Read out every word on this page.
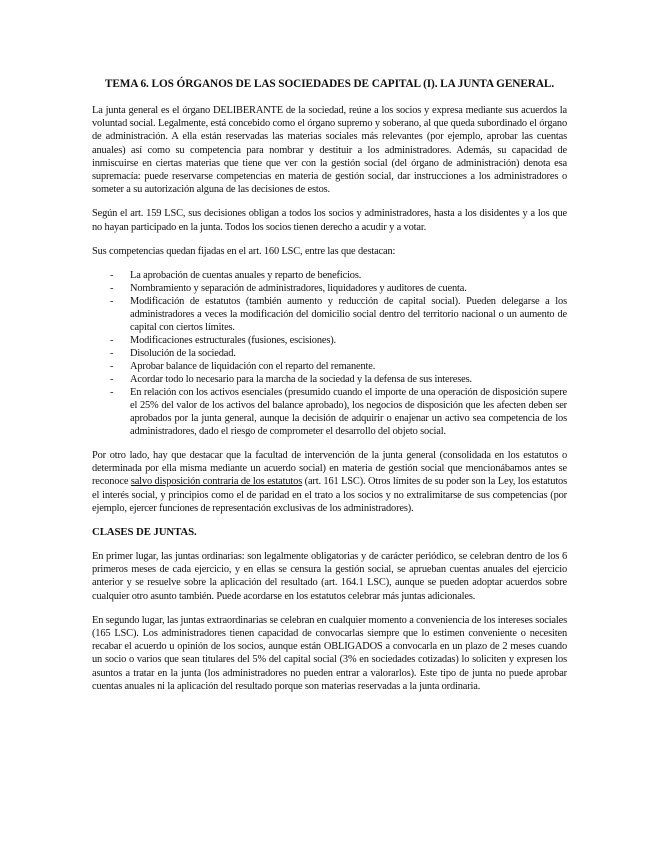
TEMA 6. LOS ÓRGANOS DE LAS SOCIEDADES DE CAPITAL (I). LA JUNTA GENERAL.

La junta general es el órgano DELIBERANTE de la sociedad, reúne a los socios y expresa mediante sus acuerdos la voluntad social. Legalmente, está concebido como el órgano supremo y soberano, al que queda subordinado el órgano de administración. A ella están reservadas las materias sociales más relevantes (por ejemplo, aprobar las cuentas anuales) así como su competencia para nombrar y destituir a los administradores. Además, su capacidad de inmiscuirse en ciertas materias que tiene que ver con la gestión social (del órgano de administración) denota esa supremacía: puede reservarse competencias en materia de gestión social, dar instrucciones a los administradores o someter a su autorización alguna de las decisiones de estos.

Según el art. 159 LSC, sus decisiones obligan a todos los socios y administradores, hasta a los disidentes y a los que no hayan participado en la junta. Todos los socios tienen derecho a acudir y a votar.

Sus competencias quedan fijadas en el art. 160 LSC, entre las que destacan:

- La aprobación de cuentas anuales y reparto de beneficios.
- Nombramiento y separación de administradores, liquidadores y auditores de cuenta.
- Modificación de estatutos (también aumento y reducción de capital social). Pueden delegarse a los administradores a veces la modificación del domicilio social dentro del territorio nacional o un aumento de capital con ciertos límites.
- Modificaciones estructurales (fusiones, escisiones).
- Disolución de la sociedad.
- Aprobar balance de liquidación con el reparto del remanente.
- Acordar todo lo necesario para la marcha de la sociedad y la defensa de sus intereses.
- En relación con los activos esenciales (presumido cuando el importe de una operación de disposición supere el 25% del valor de los activos del balance aprobado), los negocios de disposición que les afecten deben ser aprobados por la junta general, aunque la decisión de adquirir o enajenar un activo sea competencia de los administradores, dado el riesgo de comprometer el desarrollo del objeto social.

Por otro lado, hay que destacar que la facultad de intervención de la junta general (consolidada en los estatutos o determinada por ella misma mediante un acuerdo social) en materia de gestión social que mencionábamos antes se reconoce salvo disposición contraria de los estatutos (art. 161 LSC). Otros límites de su poder son la Ley, los estatutos el interés social, y principios como el de paridad en el trato a los socios y no extralimitarse de sus competencias (por ejemplo, ejercer funciones de representación exclusivas de los administradores).

CLASES DE JUNTAS.

En primer lugar, las juntas ordinarias: son legalmente obligatorias y de carácter periódico, se celebran dentro de los 6 primeros meses de cada ejercicio, y en ellas se censura la gestión social, se aprueban cuentas anuales del ejercicio anterior y se resuelve sobre la aplicación del resultado (art. 164.1 LSC), aunque se pueden adoptar acuerdos sobre cualquier otro asunto también. Puede acordarse en los estatutos celebrar más juntas adicionales.

En segundo lugar, las juntas extraordinarias se celebran en cualquier momento a conveniencia de los intereses sociales (165 LSC). Los administradores tienen capacidad de convocarlas siempre que lo estimen conveniente o necesiten recabar el acuerdo u opinión de los socios, aunque están OBLIGADOS a convocarla en un plazo de 2 meses cuando un socio o varios que sean titulares del 5% del capital social (3% en sociedades cotizadas) lo soliciten y expresen los asuntos a tratar en la junta (los administradores no pueden entrar a valorarlos). Este tipo de junta no puede aprobar cuentas anuales ni la aplicación del resultado porque son materias reservadas a la junta ordinaria.
